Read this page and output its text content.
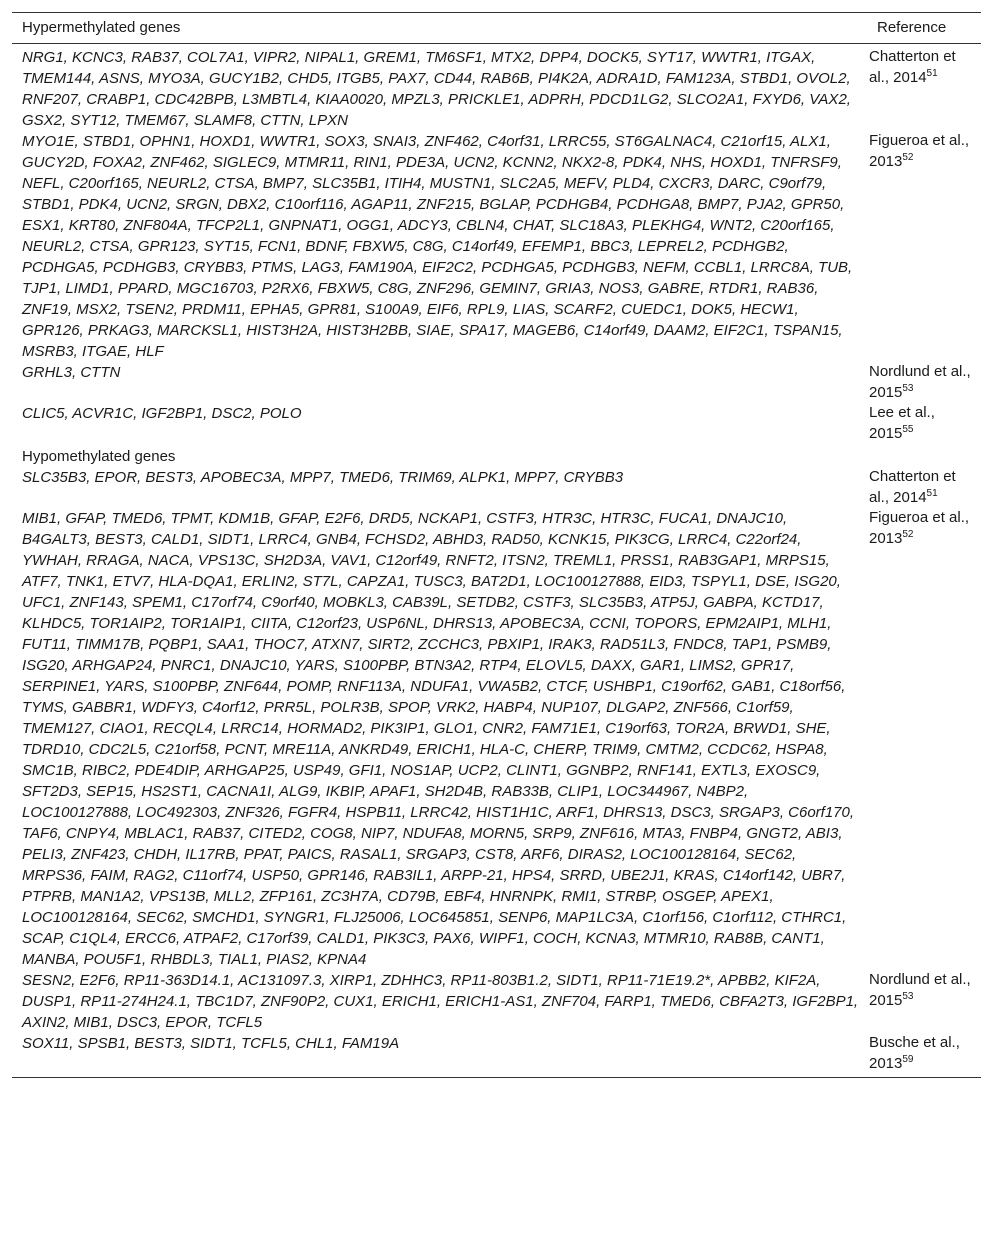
Hypermethylated genes	Reference
NRG1, KCNC3, RAB37, COL7A1, VIPR2, NIPAL1, GREM1, TM6SF1, MTX2, DPP4, DOCK5, SYT17, WWTR1, ITGAX, TMEM144, ASNS, MYO3A, GUCY1B2, CHD5, ITGB5, PAX7, CD44, RAB6B, PI4K2A, ADRA1D, FAM123A, STBD1, OVOL2, RNF207, CRABP1, CDC42BPB, L3MBTL4, KIAA0020, MPZL3, PRICKLE1, ADPRH, PDCD1LG2, SLCO2A1, FXYD6, VAX2, GSX2, SYT12, TMEM67, SLAMF8, CTTN, LPXN	Chatterton et al., 2014$^{51}$
MYO1E, STBD1, OPHN1, HOXD1, WWTR1, SOX3, SNAI3, ZNF462, C4orf31, LRRC55, ST6GALNAC4, C21orf15, ALX1, GUCY2D, FOXA2, ZNF462, SIGLEC9, MTMR11, RIN1, PDE3A, UCN2, KCNN2, NKX2-8, PDK4, NHS, HOXD1, TNFRSF9, NEFL, C20orf165, NEURL2, CTSA, BMP7, SLC35B1, ITIH4, MUSTN1, SLC2A5, MEFV, PLD4, CXCR3, DARC, C9orf79, STBD1, PDK4, UCN2, SRGN, DBX2, C10orf116, AGAP11, ZNF215, BGLAP, PCDHGB4, PCDHGA8, BMP7, PJA2, GPR50, ESX1, KRT80, ZNF804A, TFCP2L1, GNPNAT1, OGG1, ADCY3, CBLN4, CHAT, SLC18A3, PLEKHG4, WNT2, C20orf165, NEURL2, CTSA, GPR123, SYT15, FCN1, BDNF, FBXW5, C8G, C14orf49, EFEMP1, BBC3, LEPREL2, PCDHGB2, PCDHGA5, PCDHGB3, CRYBB3, PTMS, LAG3, FAM190A, EIF2C2, PCDHGA5, PCDHGB3, NEFM, CCBL1, LRRC8A, TUB, TJP1, LIMD1, PPARD, MGC16703, P2RX6, FBXW5, C8G, ZNF296, GEMIN7, GRIA3, NOS3, GABRE, RTDR1, RAB36, ZNF19, MSX2, TSEN2, PRDM11, EPHA5, GPR81, S100A9, EIF6, RPL9, LIAS, SCARF2, CUEDC1, DOK5, HECW1, GPR126, PRKAG3, MARCKSL1, HIST3H2A, HIST3H2BB, SIAE, SPA17, MAGEB6, C14orf49, DAAM2, EIF2C1, TSPAN15, MSRB3, ITGAE, HLF	Figueroa et al., 2013$^{52}$
GRHL3, CTTN	Nordlund et al., 2015$^{53}$
CLIC5, ACVR1C, IGF2BP1, DSC2, POLO	Lee et al., 2015$^{55}$
Hypomethylated genes	
SLC35B3, EPOR, BEST3, APOBEC3A, MPP7, TMED6, TRIM69, ALPK1, MPP7, CRYBB3	Chatterton et al., 2014$^{51}$
MIB1, GFAP, TMED6, TPMT, KDM1B, GFAP, E2F6, DRD5, NCKAP1, CSTF3, HTR3C, HTR3C, FUCA1, DNAJC10, B4GALT3, BEST3, CALD1, SIDT1, LRRC4, GNB4, FCHSD2, ABHD3, RAD50, KCNK15, PIK3CG, LRRC4, C22orf24, YWHAH, RRAGA, NACA, VPS13C, SH2D3A, VAV1, C12orf49, RNFT2, ITSN2, TREML1, PRSS1, RAB3GAP1, MRPS15, ATF7, TNK1, ETV7, HLA-DQA1, ERLIN2, ST7L, CAPZA1, TUSC3, BAT2D1, LOC100127888, EID3, TSPYL1, DSE, ISG20, UFC1, ZNF143, SPEM1, C17orf74, C9orf40, MOBKL3, CAB39L, SETDB2, CSTF3, SLC35B3, ATP5J, GABPA, KCTD17, KLHDC5, TOR1AIP2, TOR1AIP1, CIITA, C12orf23, USP6NL, DHRS13, APOBEC3A, CCNI, TOPORS, EPM2AIP1, MLH1, FUT11, TIMM17B, PQBP1, SAA1, THOC7, ATXN7, SIRT2, ZCCHC3, PBXIP1, IRAK3, RAD51L3, FNDC8, TAP1, PSMB9, ISG20, ARHGAP24, PNRC1, DNAJC10, YARS, S100PBP, BTN3A2, RTP4, ELOVL5, DAXX, GAR1, LIMS2, GPR17, SERPINE1, YARS, S100PBP, ZNF644, POMP, RNF113A, NDUFA1, VWA5B2, CTCF, USHBP1, C19orf62, GAB1, C18orf56, TYMS, GABBR1, WDFY3, C4orf12, PRR5L, POLR3B, SPOP, VRK2, HABP4, NUP107, DLGAP2, ZNF566, C1orf59, TMEM127, CIAO1, RECQL4, LRRC14, HORMAD2, PIK3IP1, GLO1, CNR2, FAM71E1, C19orf63, TOR2A, BRWD1, SHE, TDRD10, CDC2L5, C21orf58, PCNT, MRE11A, ANKRD49, ERICH1, HLA-C, CHERP, TRIM9, CMTM2, CCDC62, HSPA8, SMC1B, RIBC2, PDE4DIP, ARHGAP25, USP49, GFI1, NOS1AP, UCP2, CLINT1, GGNBP2, RNF141, EXTL3, EXOSC9, SFT2D3, SEP15, HS2ST1, CACNA1I, ALG9, IKBIP, APAF1, SH2D4B, RAB33B, CLIP1, LOC344967, N4BP2, LOC100127888, LOC492303, ZNF326, FGFR4, HSPB11, LRRC42, HIST1H1C, ARF1, DHRS13, DSC3, SRGAP3, C6orf170, TAF6, CNPY4, MBLAC1, RAB37, CITED2, COG8, NIP7, NDUFA8, MORN5, SRP9, ZNF616, MTA3, FNBP4, GNGT2, ABI3, PELI3, ZNF423, CHDH, IL17RB, PPAT, PAICS, RASAL1, SRGAP3, CST8, ARF6, DIRAS2, LOC100128164, SEC62, MRPS36, FAIM, RAG2, C11orf74, USP50, GPR146, RAB3IL1, ARPP-21, HPS4, SRRD, UBE2J1, KRAS, C14orf142, UBR7, PTPRB, MAN1A2, VPS13B, MLL2, ZFP161, ZC3H7A, CD79B, EBF4, HNRNPK, RMI1, STRBP, OSGEP, APEX1, LOC100128164, SEC62, SMCHD1, SYNGR1, FLJ25006, LOC645851, SENP6, MAP1LC3A, C1orf156, C1orf112, CTHRC1, SCAP, C1QL4, ERCC6, ATPAF2, C17orf39, CALD1, PIK3C3, PAX6, WIPF1, COCH, KCNA3, MTMR10, RAB8B, CANT1, MANBA, POU5F1, RHBDL3, TIAL1, PIAS2, KPNA4	Figueroa et al., 2013$^{52}$
SESN2, E2F6, RP11-363D14.1, AC131097.3, XIRP1, ZDHHC3, RP11-803B1.2, SIDT1, RP11-71E19.2*, APBB2, KIF2A, DUSP1, RP11-274H24.1, TBC1D7, ZNF90P2, CUX1, ERICH1, ERICH1-AS1, ZNF704, FARP1, TMED6, CBFA2T3, IGF2BP1, AXIN2, MIB1, DSC3, EPOR, TCFL5	Nordlund et al., 2015$^{53}$
SOX11, SPSB1, BEST3, SIDT1, TCFL5, CHL1, FAM19A	Busche et al., 2013$^{59}$
